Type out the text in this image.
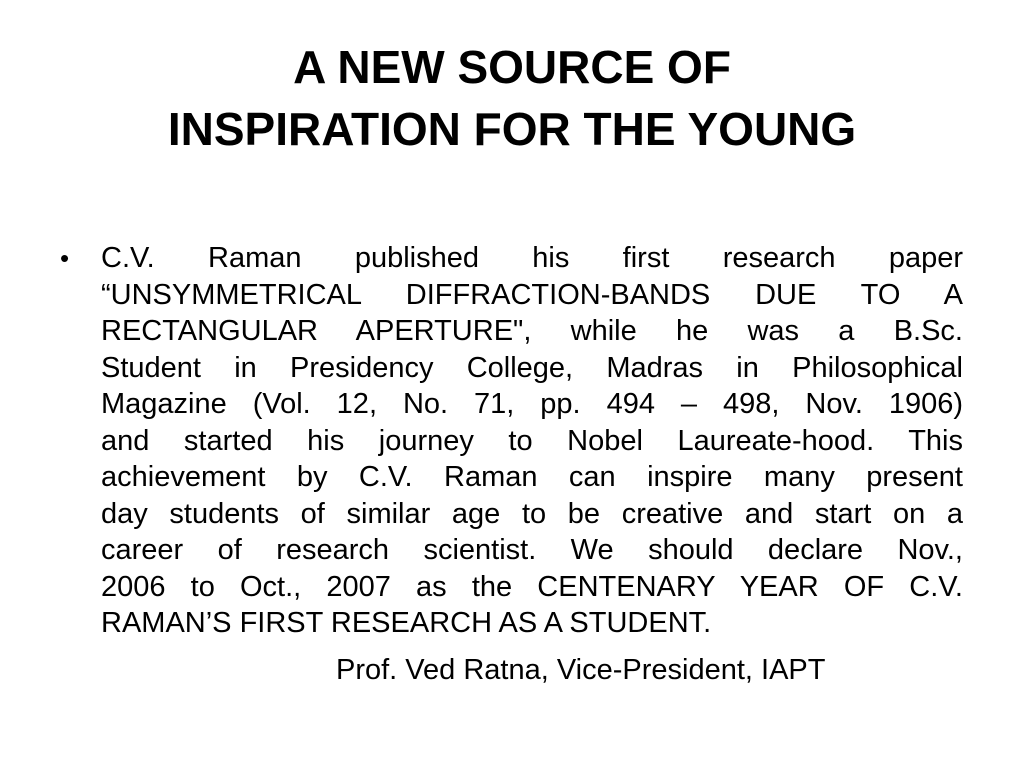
A NEW SOURCE OF
INSPIRATION FOR THE YOUNG
• C.V. Raman published his first research paper
“UNSYMMETRICAL DIFFRACTION-BANDS DUE TO A
RECTANGULAR APERTURE", while he was a B.Sc.
Student in Presidency College, Madras in Philosophical
Magazine (Vol. 12, No. 71, pp. 494 – 498, Nov. 1906)
and started his journey to Nobel Laureate-hood. This
achievement by C.V. Raman can inspire many present
day students of similar age to be creative and start on a
career of research scientist. We should declare Nov.,
2006 to Oct., 2007 as the CENTENARY YEAR OF C.V.
RAMAN’S FIRST RESEARCH AS A STUDENT.

Prof. Ved Ratna, Vice-President, IAPT
